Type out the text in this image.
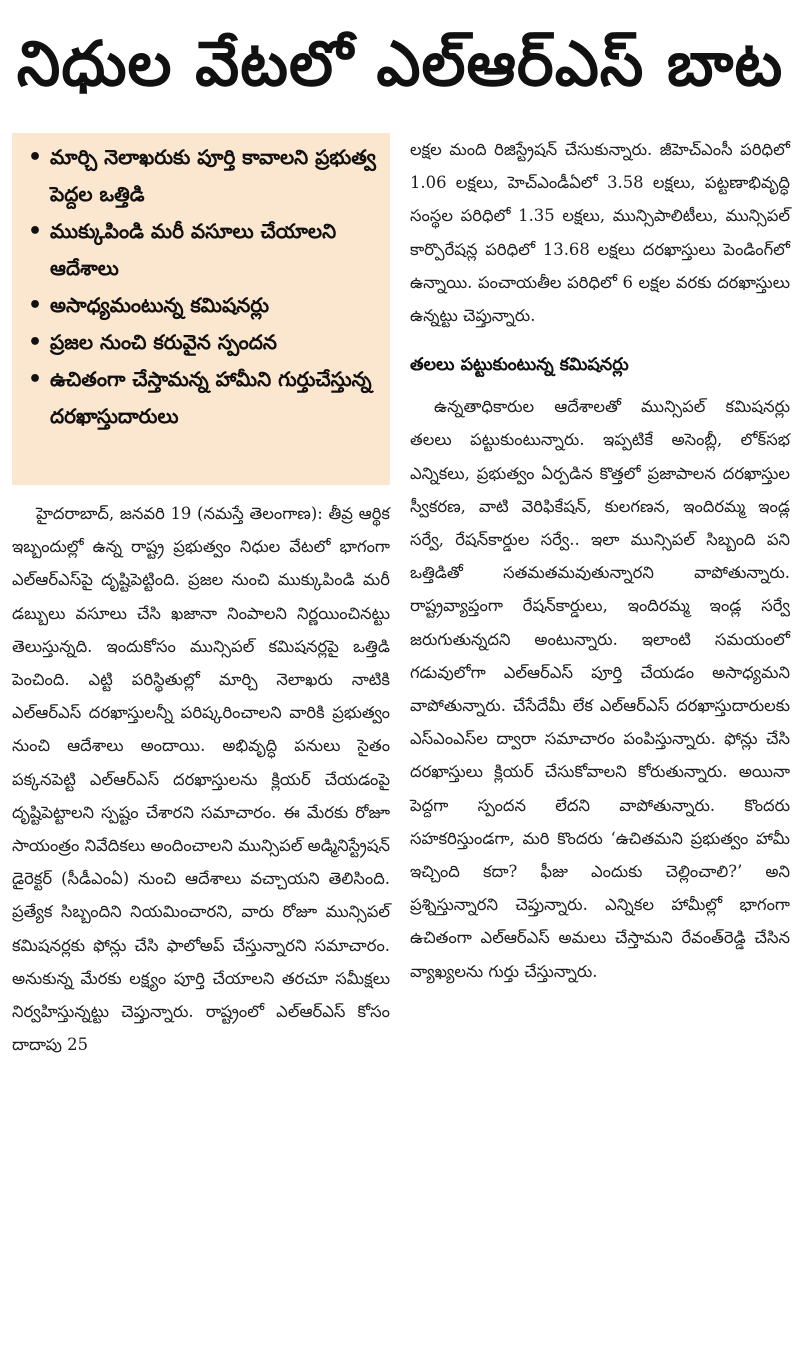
నిధుల వేటలో ఎల్‌ఆర్‌ఎస్ బాట
• మార్చి నెలాఖరుకు పూర్తి కావాలని ప్రభుత్వ పెద్దల ఒత్తిడి
• ముక్కుపిండి మరీ వసూలు చేయాలని ఆదేశాలు
• అసాధ్యమంటున్న కమిషనర్లు
• ప్రజల నుంచి కరువైన స్పందన
• ఉచితంగా చేస్తామన్న హామీని గుర్తుచేస్తున్న దరఖాస్తుదారులు

హైదరాబాద్, జనవరి 19 (నమస్తే తెలంగాణ): తీవ్ర ఆర్థిక ఇబ్బందుల్లో ఉన్న రాష్ట్ర ప్రభుత్వం నిధుల వేటలో భాగంగా ఎల్‌ఆర్‌ఎస్‌పై దృష్టిపెట్టింది. ప్రజల నుంచి ముక్కుపిండి మరీ డబ్బులు వసూలు చేసి ఖజానా నింపాలని నిర్ణయించినట్టు తెలుస్తున్నది. ఇందుకోసం మున్సిపల్ కమిషనర్లపై ఒత్తిడి పెంచింది. ఎట్టి పరిస్థితుల్లో మార్చి నెలాఖరు నాటికి ఎల్‌ఆర్‌ఎస్ దరఖాస్తులన్నీ పరిష్కరించాలని వారికి ప్రభుత్వం నుంచి ఆదేశాలు అందాయి. అభివృద్ధి పనులు సైతం పక్కనపెట్టి ఎల్‌ఆర్‌ఎస్ దరఖాస్తులను క్లియర్ చేయడంపై దృష్టిపెట్టాలని స్పష్టం చేశారని సమాచారం. ఈ మేరకు రోజూ సాయంత్రం నివేదికలు అందించాలని మున్సిపల్ అడ్మినిస్ట్రేషన్ డైరెక్టర్ (సీడీఎంఏ) నుంచి ఆదేశాలు వచ్చాయని తెలిసింది. ప్రత్యేక సిబ్బందిని నియమించారని, వారు రోజూ మున్సిపల్ కమిషనర్లకు ఫోన్లు చేసి ఫాలోఅప్ చేస్తున్నారని సమాచారం. అనుకున్న మేరకు లక్ష్యం పూర్తి చేయాలని తరచూ సమీక్షలు నిర్వహిస్తున్నట్టు చెప్తున్నారు. రాష్ట్రంలో ఎల్‌ఆర్‌ఎస్ కోసం దాదాపు 25

లక్షల మంది రిజిస్ట్రేషన్ చేసుకున్నారు. జీహెచ్‌ఎంసీ పరిధిలో 1.06 లక్షలు, హెచ్ఎండీఏలో 3.58 లక్షలు, పట్టణాభివృద్ధి సంస్థల పరిధిలో 1.35 లక్షలు, మున్సిపాలిటీలు, మున్సిపల్ కార్పొరేషన్ల పరిధిలో 13.68 లక్షలు దరఖాస్తులు పెండింగ్‌లో ఉన్నాయి. పంచాయతీల పరిధిలో 6 లక్షల వరకు దరఖాస్తులు ఉన్నట్టు చెప్తున్నారు.

తలలు పట్టుకుంటున్న కమిషనర్లు

ఉన్నతాధికారుల ఆదేశాలతో మున్సిపల్ కమిషనర్లు తలలు పట్టుకుంటున్నారు. ఇప్పటికే అసెంబ్లీ, లోక్‌సభ ఎన్నికలు, ప్రభుత్వం ఏర్పడిన కొత్తలో ప్రజాపాలన దరఖాస్తుల స్వీకరణ, వాటి వెరిఫికేషన్, కులగణన, ఇందిరమ్మ ఇండ్ల సర్వే, రేషన్‌కార్డుల సర్వే.. ఇలా మున్సిపల్ సిబ్బంది పని ఒత్తిడితో సతమతమవుతున్నారని వాపోతున్నారు. రాష్ట్రవ్యాప్తంగా రేషన్‌కార్డులు, ఇందిరమ్మ ఇండ్ల సర్వే జరుగుతున్నదని అంటున్నారు. ఇలాంటి సమయంలో గడువులోగా ఎల్‌ఆర్‌ఎస్ పూర్తి చేయడం అసాధ్యమని వాపోతున్నారు. చేసేదేమీ లేక ఎల్‌ఆర్‌ఎస్ దరఖాస్తుదారులకు ఎస్ఎంఎస్‌ల ద్వారా సమాచారం పంపిస్తున్నారు. ఫోన్లు చేసి దరఖాస్తులు క్లియర్ చేసుకోవాలని కోరుతున్నారు. అయినా పెద్దగా స్పందన లేదని వాపోతున్నారు. కొందరు సహకరిస్తుండగా, మరి కొందరు ‘ఉచితమని ప్రభుత్వం హామీ ఇచ్చింది కదా? ఫీజు ఎందుకు చెల్లించాలి?’ అని ప్రశ్నిస్తున్నారని చెప్తున్నారు. ఎన్నికల హామీల్లో భాగంగా ఉచితంగా ఎల్‌ఆర్‌ఎస్ అమలు చేస్తామని రేవంత్‌రెడ్డి చేసిన వ్యాఖ్యలను గుర్తు చేస్తున్నారు.
